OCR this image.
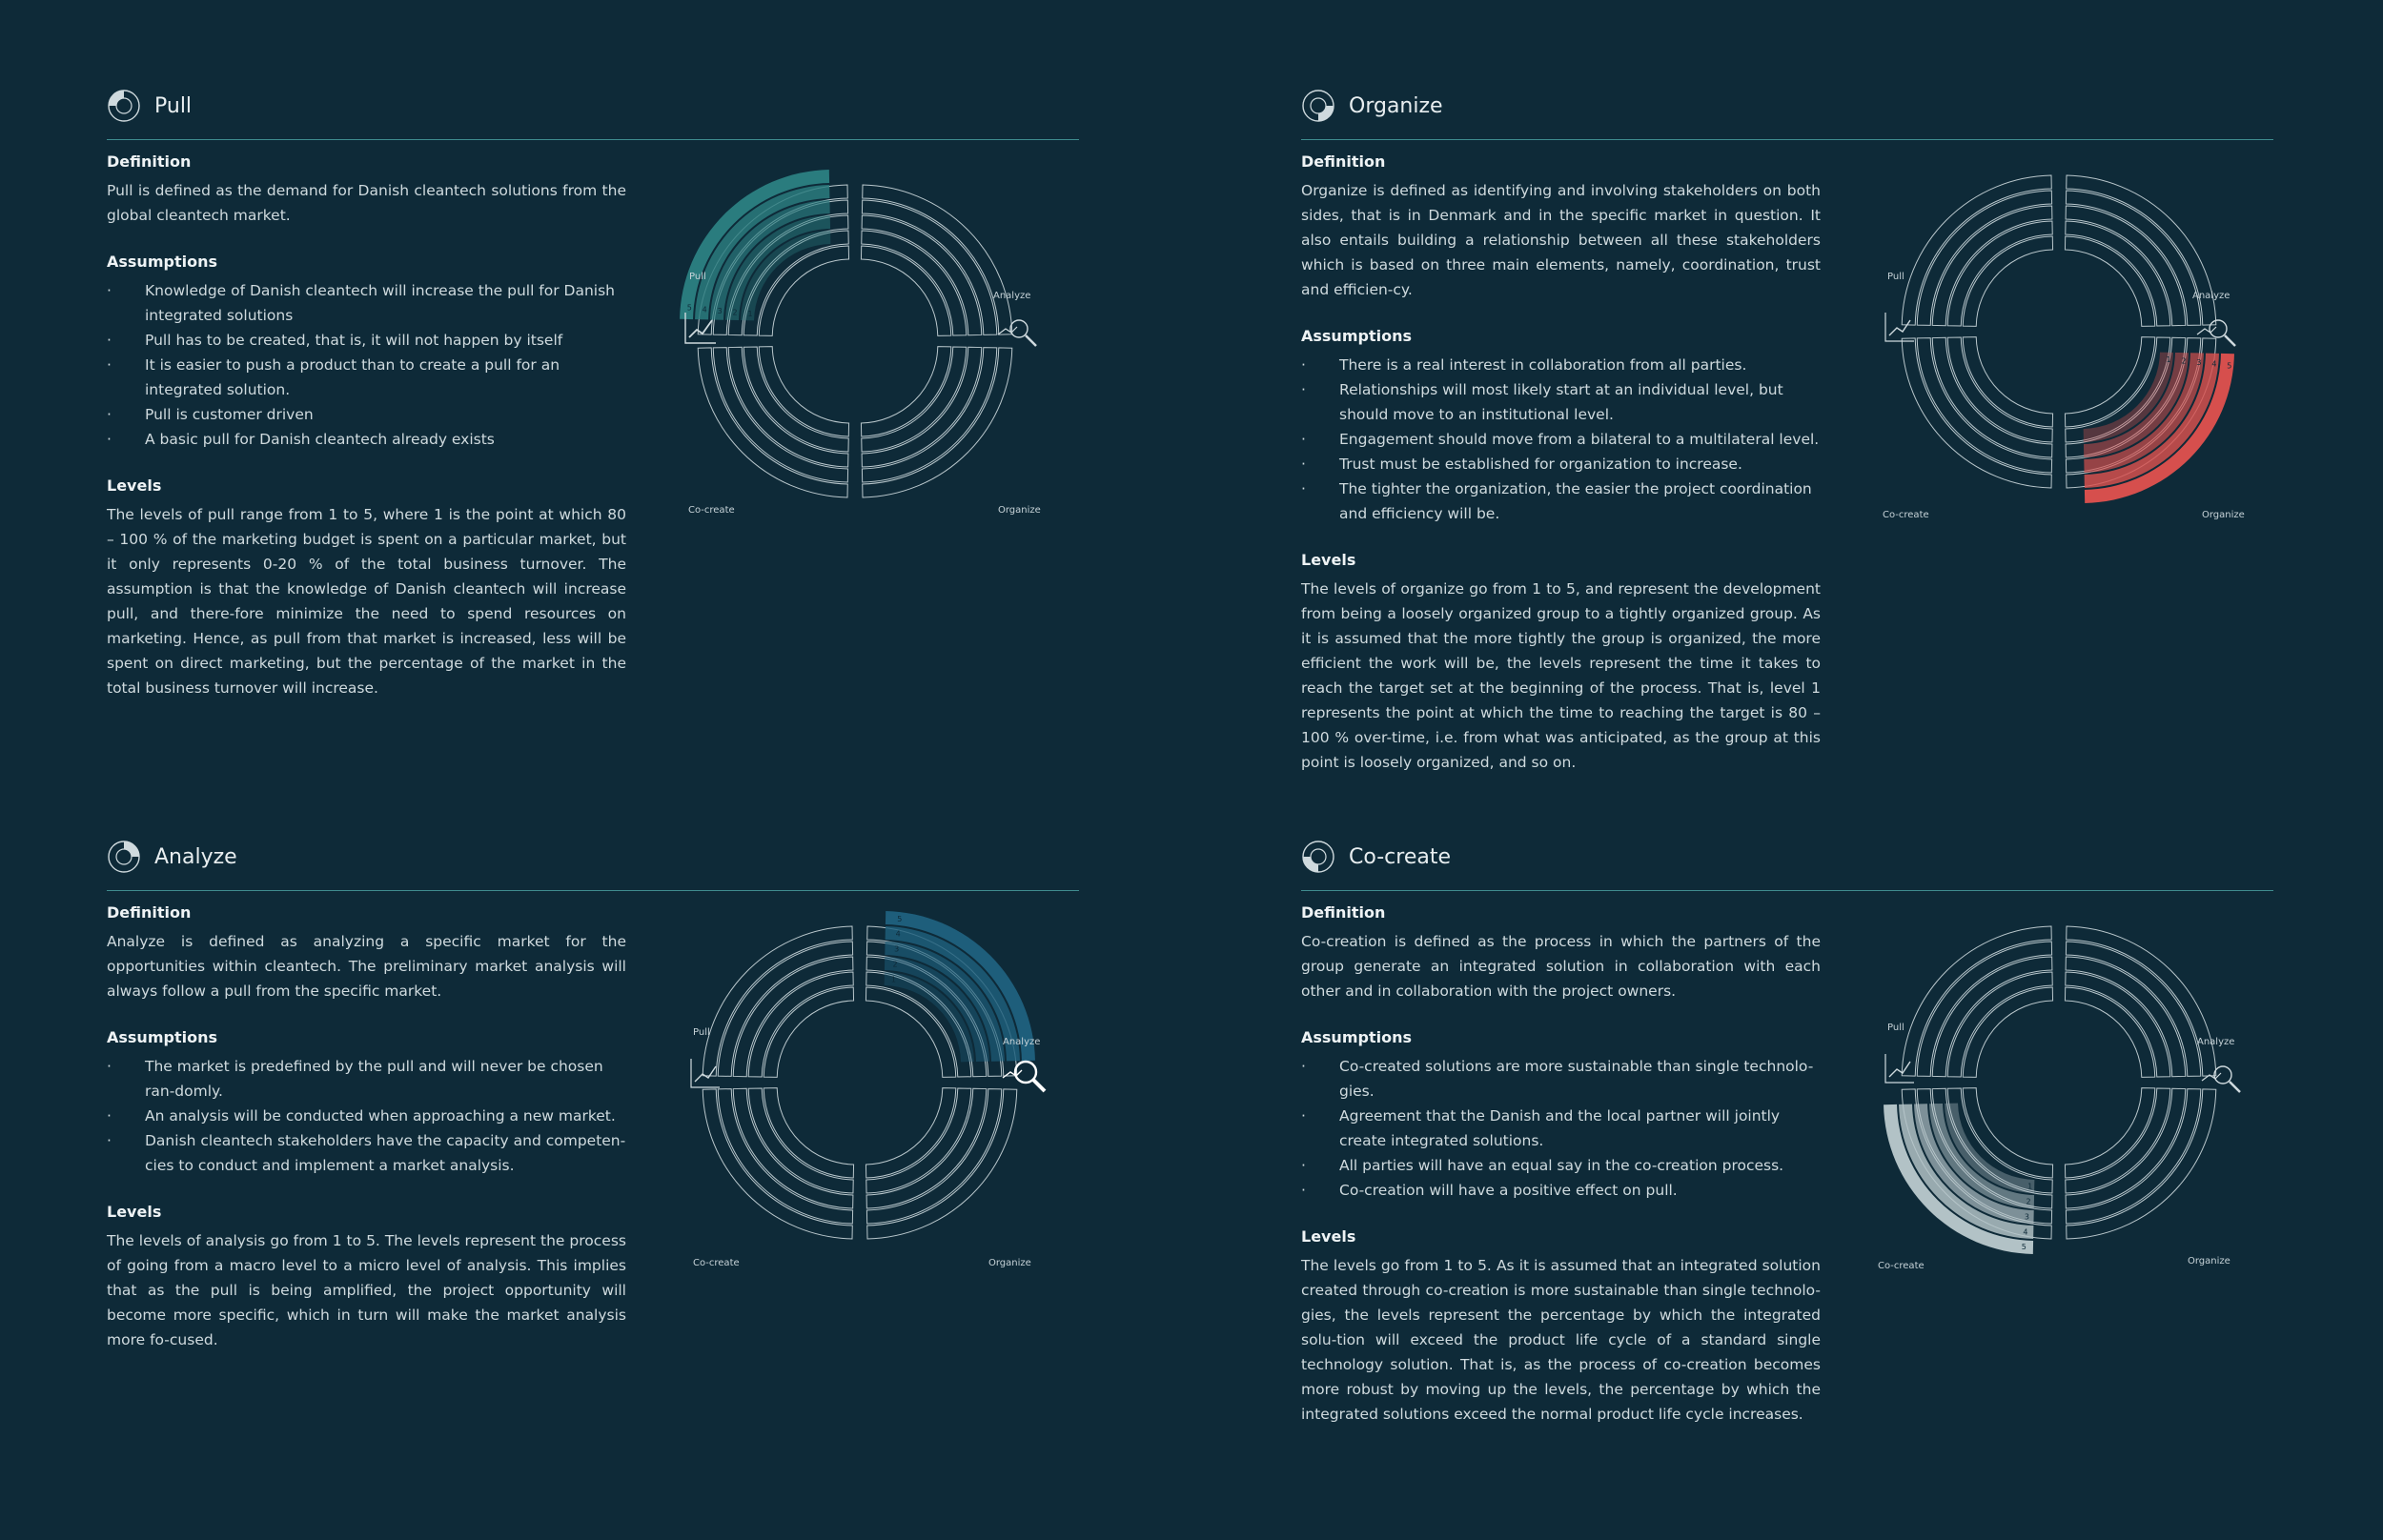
Pull

Definition

Pull is defined as the demand for Danish cleantech solutions from the global cleantech market.

Assumptions

· Knowledge of Danish cleantech will increase the pull for Danish integrated solutions
· Pull has to be created, that is, it will not happen by itself
· It is easier to push a product than to create a pull for an integrated solution.
· Pull is customer driven
· A basic pull for Danish cleantech already exists

Levels

The levels of pull range from 1 to 5, where 1 is the point at which 80 – 100 % of the marketing budget is spent on a particular market, but it only represents 0-20 % of the total business turnover. The assumption is that the knowledge of Danish cleantech will increase pull, and there-fore minimize the need to spend resources on marketing. Hence, as pull from that market is increased, less will be spent on direct marketing, but the percentage of the market in the total business turnover will increase.

1
2
3
4
5
Pull
Analyze
Co-create	Organize
Organize

Definition

Organize is defined as identifying and involving stakeholders on both sides, that is in Denmark and in the specific market in question. It also entails building a relationship between all these stakeholders which is based on three main elements, namely, coordination, trust and efficien-cy.

Assumptions

· There is a real interest in collaboration from all parties.
· Relationships will most likely start at an individual level, but should move to an institutional level.
· Engagement should move from a bilateral to a multilateral level.
· Trust must be established for organization to increase.
· The tighter the organization, the easier the project coordination and efficiency will be.

Levels

The levels of organize go from 1 to 5, and represent the development from being a loosely organized group to a tightly organized group. As it is assumed that the more tightly the group is organized, the more efficient the work will be, the levels represent the time it takes to reach the target set at the beginning of the process. That is, level 1 represents the point at which the time to reaching the target is 80 – 100 % over-time, i.e. from what was anticipated, as the group at this point is loosely organized, and so on.

1 2 3 4 5
Pull
Analyze
Co-create	Organize
Analyze

Definition

Analyze is defined as analyzing a specific market for the opportunities within cleantech. The preliminary market analysis will always follow a pull from the specific market.

Assumptions

· The market is predefined by the pull and will never be chosen ran-domly.
· An analysis will be conducted when approaching a new market.
· Danish cleantech stakeholders have the capacity and competen-cies to conduct and implement a market analysis.

Levels

The levels of analysis go from 1 to 5. The levels represent the process of going from a macro level to a micro level of analysis. This implies that as the pull is being amplified, the project opportunity will become more specific, which in turn will make the market analysis more fo-cused.

1
2
3
4
5
Pull
Analyze
Co-create	Organize
Co-create

Definition

Co-creation is defined as the process in which the partners of the group generate an integrated solution in collaboration with each other and in collaboration with the project owners.

Assumptions

· Co-created solutions are more sustainable than single technolo-gies.
· Agreement that the Danish and the local partner will jointly create integrated solutions.
· All parties will have an equal say in the co-creation process.
· Co-creation will have a positive effect on pull.

Levels

The levels go from 1 to 5. As it is assumed that an integrated solution created through co-creation is more sustainable than single technolo-gies, the levels represent the percentage by which the integrated solu-tion will exceed the product life cycle of a standard single technology solution. That is, as the process of co-creation becomes more robust by moving up the levels, the percentage by which the integrated solutions exceed the normal product life cycle increases.

1
2
3
4
5
Pull
Analyze
Co-create	Organize
